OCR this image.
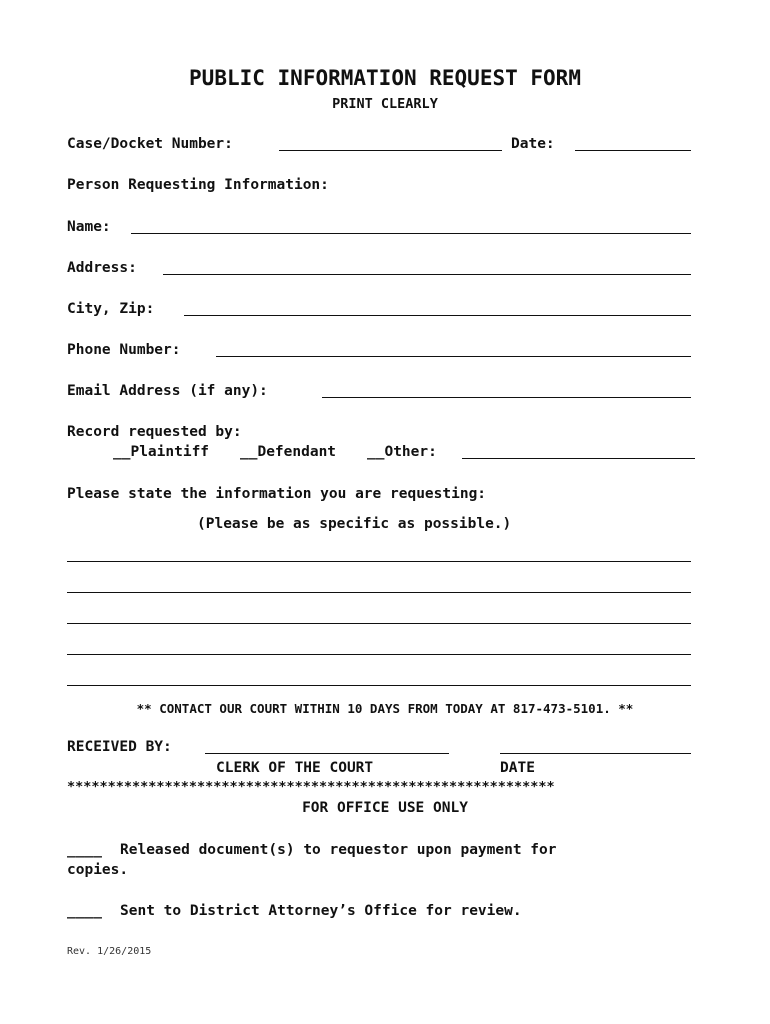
PUBLIC INFORMATION REQUEST FORM
PRINT CLEARLY
Case/Docket Number:	Date:
Person Requesting Information:
Name:
Address:
City, Zip:
Phone Number:
Email Address (if any):
Record requested by:
__Plaintiff __Defendant __Other:
Please state the information you are requesting:
(Please be as specific as possible.)
** CONTACT OUR COURT WITHIN 10 DAYS FROM TODAY AT 817-473-5101. **
RECEIVED BY:
CLERK OF THE COURT	DATE
************************************************************
FOR OFFICE USE ONLY
____ Released document(s) to requestor upon payment for
copies.
____ Sent to District Attorney’s Office for review.
Rev. 1/26/2015
